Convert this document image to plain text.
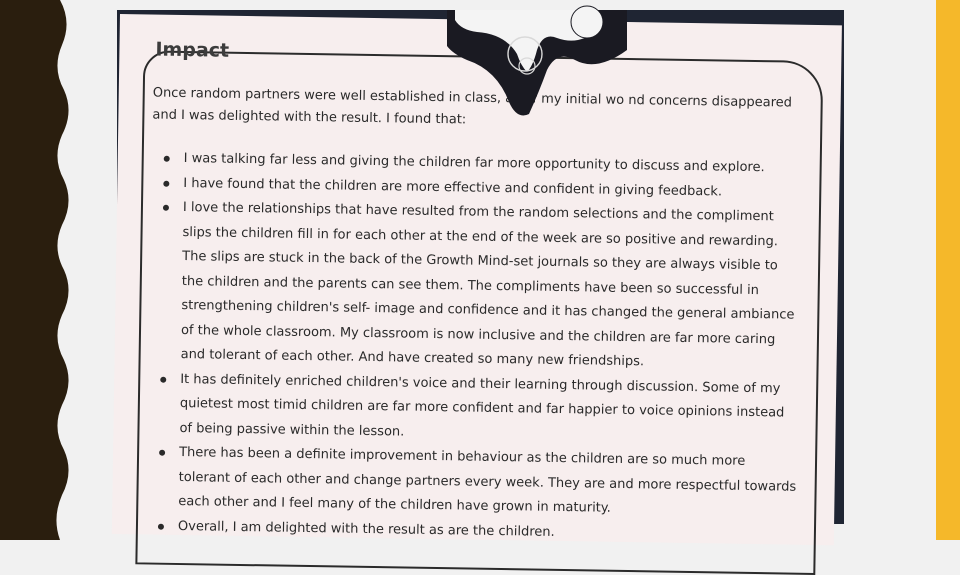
Impact
Once random partners were well established in class, all of my initial wo nd concerns disappeared and I was delighted with the result. I found that:
I was talking far less and giving the children far more opportunity to discuss and explore.
I have found that the children are more effective and confident in giving feedback.
I love the relationships that have resulted from the random selections and the compliment slips the children fill in for each other at the end of the week are so positive and rewarding. The slips are stuck in the back of the Growth Mind-set journals so they are always visible to the children and the parents can see them. The compliments have been so successful in strengthening children's self- image and confidence and it has changed the general ambiance of the whole classroom. My classroom is now inclusive and the children are far more caring and tolerant of each other. And have created so many new friendships.
It has definitely enriched children's voice and their learning through discussion. Some of my quietest most timid children are far more confident and far happier to voice opinions instead of being passive within the lesson.
There has been a definite improvement in behaviour as the children are so much more tolerant of each other and change partners every week. They are and more respectful towards each other and I feel many of the children have grown in maturity.
Overall, I am delighted with the result as are the children.
